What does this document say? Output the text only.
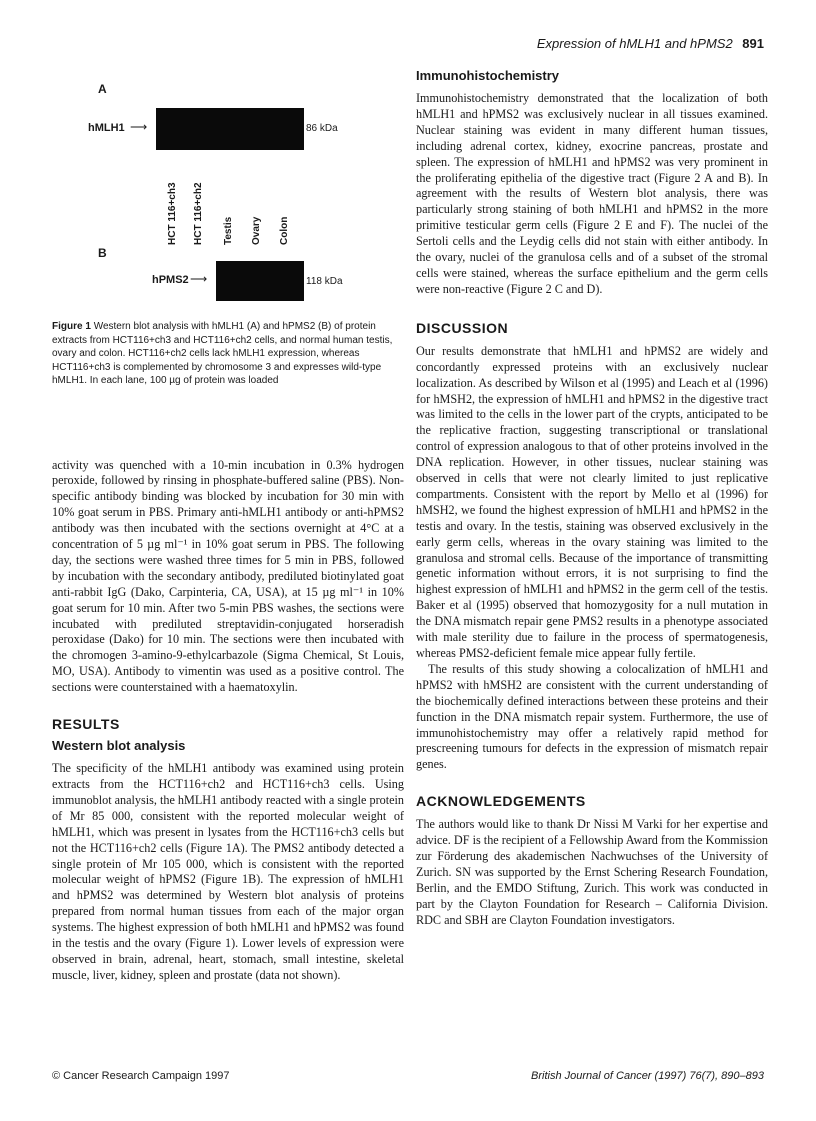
Expression of hMLH1 and hPMS2 891
A
hMLH1 ⟶	86 kDa
HCT 116+ch3 HCT 116+ch2 Testis Ovary Colon
B
hPMS2 ⟶	118 kDa
Figure 1 Western blot analysis with hMLH1 (A) and hPMS2 (B) of protein extracts from HCT116+ch3 and HCT116+ch2 cells, and normal human testis, ovary and colon. HCT116+ch2 cells lack hMLH1 expression, whereas HCT116+ch3 is complemented by chromosome 3 and expresses wild-type hMLH1. In each lane, 100 µg of protein was loaded

activity was quenched with a 10-min incubation in 0.3% hydrogen peroxide, followed by rinsing in phosphate-buffered saline (PBS). Non-specific antibody binding was blocked by incubation for 30 min with 10% goat serum in PBS. Primary anti-hMLH1 antibody or anti-hPMS2 antibody was then incubated with the sections overnight at 4°C at a concentration of 5 µg ml⁻¹ in 10% goat serum in PBS. The following day, the sections were washed three times for 5 min in PBS, followed by incubation with the secondary antibody, prediluted biotinylated goat anti-rabbit IgG (Dako, Carpinteria, CA, USA), at 15 µg ml⁻¹ in 10% goat serum for 10 min. After two 5-min PBS washes, the sections were incubated with prediluted streptavidin-conjugated horseradish peroxidase (Dako) for 10 min. The sections were then incubated with the chromogen 3-amino-9-ethylcarbazole (Sigma Chemical, St Louis, MO, USA). Antibody to vimentin was used as a positive control. The sections were counterstained with a haematoxylin.

RESULTS
Western blot analysis

The specificity of the hMLH1 antibody was examined using protein extracts from the HCT116+ch2 and HCT116+ch3 cells. Using immunoblot analysis, the hMLH1 antibody reacted with a single protein of Mr 85 000, consistent with the reported molecular weight of hMLH1, which was present in lysates from the HCT116+ch3 cells but not the HCT116+ch2 cells (Figure 1A). The PMS2 antibody detected a single protein of Mr 105 000, which is consistent with the reported molecular weight of hPMS2 (Figure 1B). The expression of hMLH1 and hPMS2 was determined by Western blot analysis of proteins prepared from normal human tissues from each of the major organ systems. The highest expression of both hMLH1 and hPMS2 was found in the testis and the ovary (Figure 1). Lower levels of expression were observed in brain, adrenal, heart, stomach, small intestine, skeletal muscle, liver, kidney, spleen and prostate (data not shown).

Immunohistochemistry

Immunohistochemistry demonstrated that the localization of both hMLH1 and hPMS2 was exclusively nuclear in all tissues examined. Nuclear staining was evident in many different human tissues, including adrenal cortex, kidney, exocrine pancreas, prostate and spleen. The expression of hMLH1 and hPMS2 was very prominent in the proliferating epithelia of the digestive tract (Figure 2 A and B). In agreement with the results of Western blot analysis, there was particularly strong staining of both hMLH1 and hPMS2 in the more primitive testicular germ cells (Figure 2 E and F). The nuclei of the Sertoli cells and the Leydig cells did not stain with either antibody. In the ovary, nuclei of the granulosa cells and of a subset of the stromal cells were stained, whereas the surface epithelium and the germ cells were non-reactive (Figure 2 C and D).

DISCUSSION

Our results demonstrate that hMLH1 and hPMS2 are widely and concordantly expressed proteins with an exclusively nuclear localization. As described by Wilson et al (1995) and Leach et al (1996) for hMSH2, the expression of hMLH1 and hPMS2 in the digestive tract was limited to the cells in the lower part of the crypts, anticipated to be the replicative fraction, suggesting transcriptional or translational control of expression analogous to that of other proteins involved in the DNA replication. However, in other tissues, nuclear staining was observed in cells that were not clearly limited to just replicative compartments. Consistent with the report by Mello et al (1996) for hMSH2, we found the highest expression of hMLH1 and hPMS2 in the testis and ovary. In the testis, staining was observed exclusively in the early germ cells, whereas in the ovary staining was limited to the granulosa and stromal cells. Because of the importance of transmitting genetic information without errors, it is not surprising to find the highest expression of hMLH1 and hPMS2 in the germ cell of the testis. Baker et al (1995) observed that homozygosity for a null mutation in the DNA mismatch repair gene PMS2 results in a phenotype associated with male sterility due to failure in the process of spermatogenesis, whereas PMS2-deficient female mice appear fully fertile.

The results of this study showing a colocalization of hMLH1 and hPMS2 with hMSH2 are consistent with the current understanding of the biochemically defined interactions between these proteins and their function in the DNA mismatch repair system. Furthermore, the use of immunohistochemistry may offer a relatively rapid method for prescreening tumours for defects in the expression of mismatch repair genes.

ACKNOWLEDGEMENTS

The authors would like to thank Dr Nissi M Varki for her expertise and advice. DF is the recipient of a Fellowship Award from the Kommission zur Förderung des akademischen Nachwuchses of the University of Zurich. SN was supported by the Ernst Schering Research Foundation, Berlin, and the EMDO Stiftung, Zurich. This work was conducted in part by the Clayton Foundation for Research – California Division. RDC and SBH are Clayton Foundation investigators.

© Cancer Research Campaign 1997	British Journal of Cancer (1997) 76(7), 890–893
